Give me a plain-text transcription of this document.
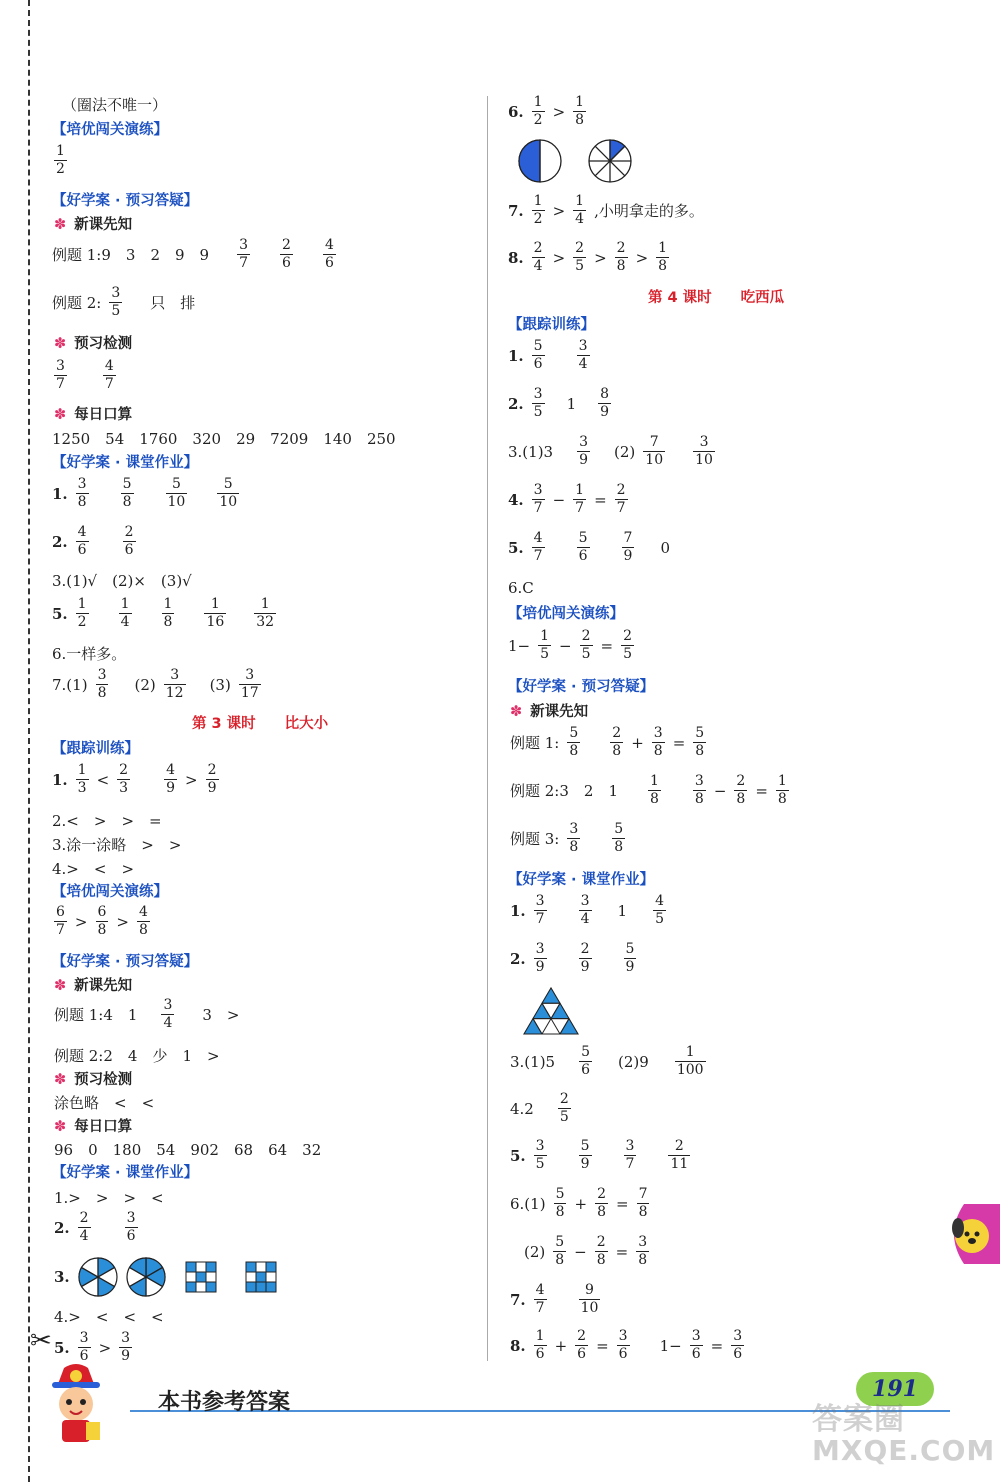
✂
（圈法不唯一）
【培优闯关演练】
$\frac{1}{2}$
【好学案 · 预习答疑】
✽ 新课先知
例题 1:9　3　2　9　$9 \frac{3}{7} \frac{2}{6} \frac{4}{6}$
例题 2: $\frac{3}{5}$ 只　排
✽ 预习检测
$\frac{3}{7}$	$\frac{4}{7}$
✽ 每日口算
1250　54　1760　320　29　7209　140　250
【好学案 · 课堂作业】
1. $\frac{3}{8} \frac{5}{8} \frac{5}{10} \frac{5}{10}$
2. $\frac{4}{6} \frac{2}{6}$
3.(1)√　(2)×　(3)√
5. $\frac{1}{2} \frac{1}{4} \frac{1}{8} \frac{1}{16} \frac{1}{32}$
6.一样多。
$7.(1) \frac{3}{8} (2) \frac{3}{12} (3) \frac{3}{17}$
第 3 课时　　比大小
【跟踪训练】
1. $\frac{1}{3} < \frac{2}{3} \frac{4}{9} > \frac{2}{9}$
2.<　>　>　=
3.涂一涂略　>　>
4.>　<　>
【培优闯关演练】
$\frac{6}{7} > \frac{6}{8} > \frac{4}{8}$
【好学案 · 预习答疑】
✽ 新课先知
例题 1:4　$1 \frac{3}{4} 3$　>
例题 2:2　4　少　1　>
✽ 预习检测
涂色略　<　<
✽ 每日口算
96　0　180　54　902　68　64　32
【好学案 · 课堂作业】
1.>　>　>　<
2. $\frac{2}{4} \frac{3}{6}$
3.
4.>　<　<　<
5. $\frac{3}{6} > \frac{3}{9}$
6. $\frac{1}{2} > \frac{1}{8}$
7. $\frac{1}{2} > \frac{1}{4}$ ,小明拿走的多。
8. $\frac{2}{4} > \frac{2}{5} > \frac{2}{8} > \frac{1}{8}$
第 4 课时　　吃西瓜
【跟踪训练】
1. $\frac{5}{6} \frac{3}{4}$
2. $\frac{3}{5} 1 \frac{8}{9}$
$3.(1)3 \frac{3}{9} (2) \frac{7}{10} \frac{3}{10}$
4. $\frac{3}{7} - \frac{1}{7} = \frac{2}{7}$
5. $\frac{4}{7} \frac{5}{6} \frac{7}{9} 0$
6.C
【培优闯关演练】
$1- \frac{1}{5} - \frac{2}{5} = \frac{2}{5}$
【好学案 · 预习答疑】
✽ 新课先知
例题 1: $\frac{5}{8} \frac{2}{8} + \frac{3}{8} = \frac{5}{8}$
例题 2:3　2　$1 \frac{1}{8} \frac{3}{8} - \frac{2}{8} = \frac{1}{8}$
例题 3: $\frac{3}{8} \frac{5}{8}$
【好学案 · 课堂作业】
1. $\frac{3}{7} \frac{3}{4} 1 \frac{4}{5}$
2. $\frac{3}{9} \frac{2}{9} \frac{5}{9}$
$3.(1)5 \frac{5}{6} (2)9 \frac{1}{100}$
$4.2 \frac{2}{5}$
5. $\frac{3}{5} \frac{5}{9} \frac{3}{7} \frac{2}{11}$
$6.(1) \frac{5}{8} + \frac{2}{8} = \frac{7}{8}$
$(2) \frac{5}{8} - \frac{2}{8} = \frac{3}{8}$
7. $\frac{4}{7} \frac{9}{10}$
8. $\frac{1}{6} + \frac{2}{6} = \frac{3}{6} 1- \frac{3}{6} = \frac{3}{6}$
本书参考答案
191
答案圈
MXQE.COM
